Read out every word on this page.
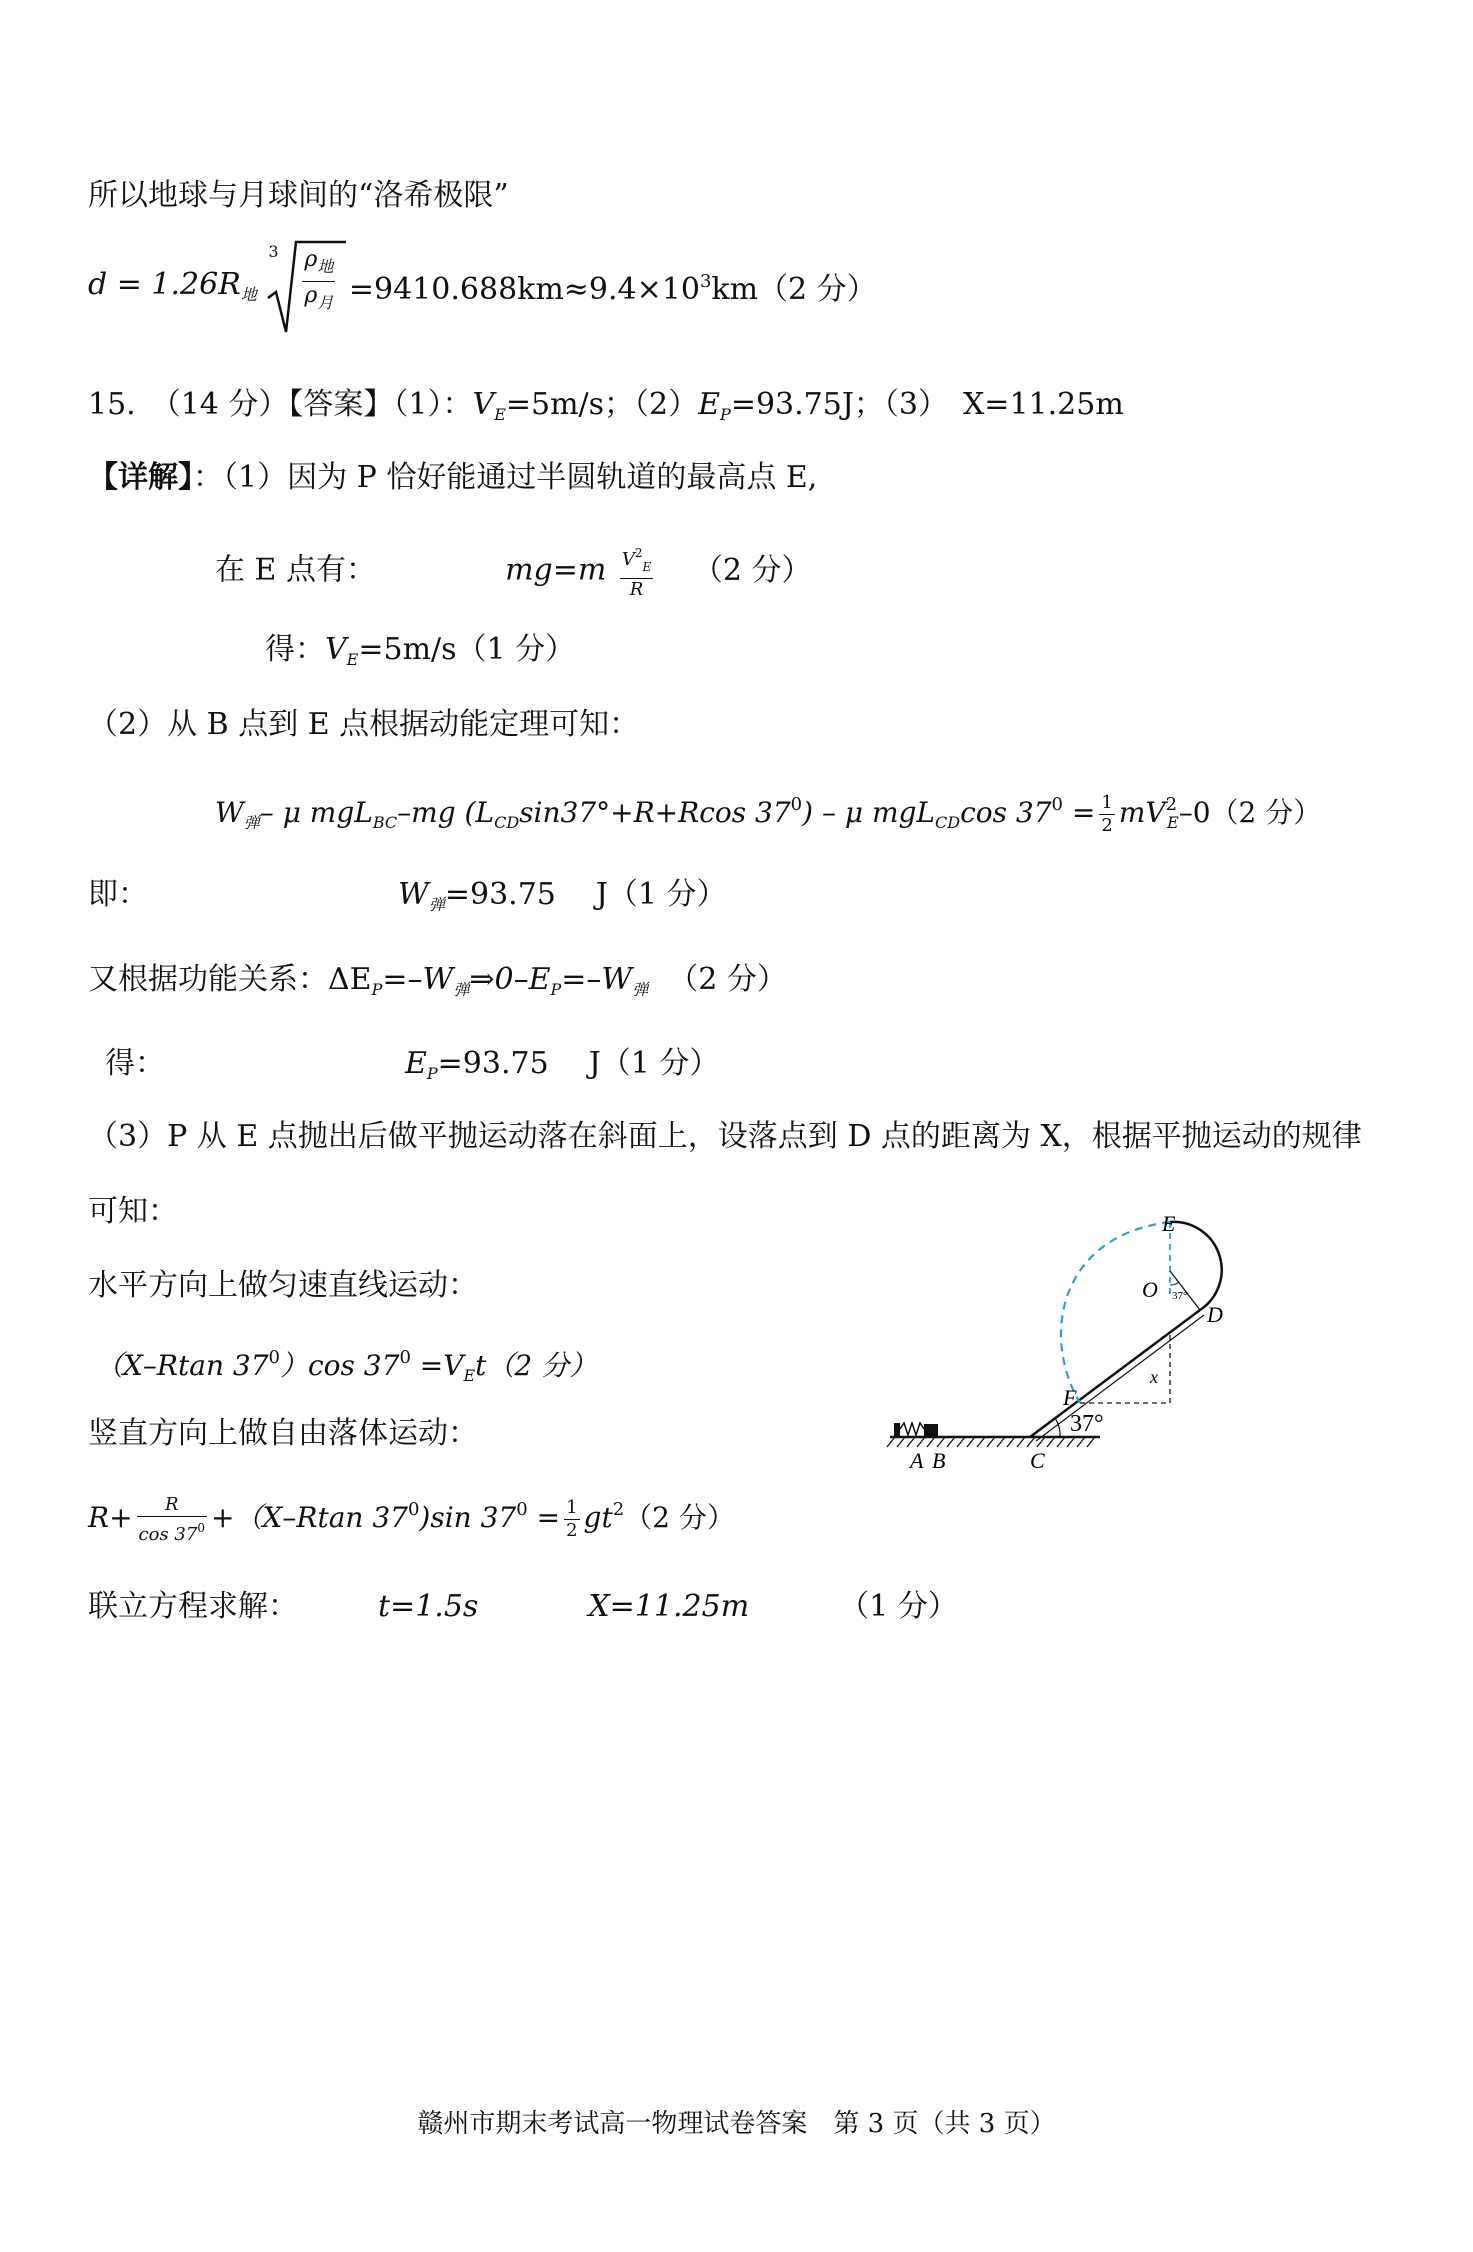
所以地球与月球间的“洛希极限”
$d = 1.26R_地$
$3 \frac{\rho_地}{\rho_月} =9410.688km\approx 9.4\times 10^3km(2$ 分）
15.　（14 分）【答案】（1）：$V_E=5m/s$；$(2)E_P=93.75J$；（3）　 X=11.25m
【详解】：（1）因为 P 恰好能通过半圆轨道的最高点 E,
在 E 点有：	$mg=m \frac{V^2_E}{R} (2$ 分）
得：$V_E=5m/s(1$ 分）
（2）从 B 点到 E 点根据动能定理可知：
$W_弹-$ μ mgL$_{BC}$–mg ($L_{CD}\sin 37^\circ+R+Rcos$ $37^0$) – μ mgL$_{CD}$cos $37^0 = \frac{1}{2} mV^2_E-0(2$ 分）
即：	$W_弹=93.75$ J（1 分）
又根据功能关系：$\Delta E_P=-W_弹\Rightarrow 0-E_P=-W_弹$ （2 分）
得：	$E_P=93.75$ J（1 分）
（3）P 从 E 点抛出后做平抛运动落在斜面上，设落点到 D 点的距离为 X，根据平抛运动的规律
可知：
水平方向上做匀速直线运动：
（X–Rtan $37^0)\cos$ $37^0 =V_Et(2$ 分）
竖直方向上做自由落体运动：
$R+ \frac{R}{\cos 37^0} +(X-Rtan$ $37^0)\sin$ $37^0 = \frac{1}{2} gt^2(2$ 分）
联立方程求解：	t=1.5s	X=11.25m	（1 分）
E
O
D
F
x
37°
37°
A B	C
赣州市期末考试高一物理试卷答案　第 3 页（共 3 页）
